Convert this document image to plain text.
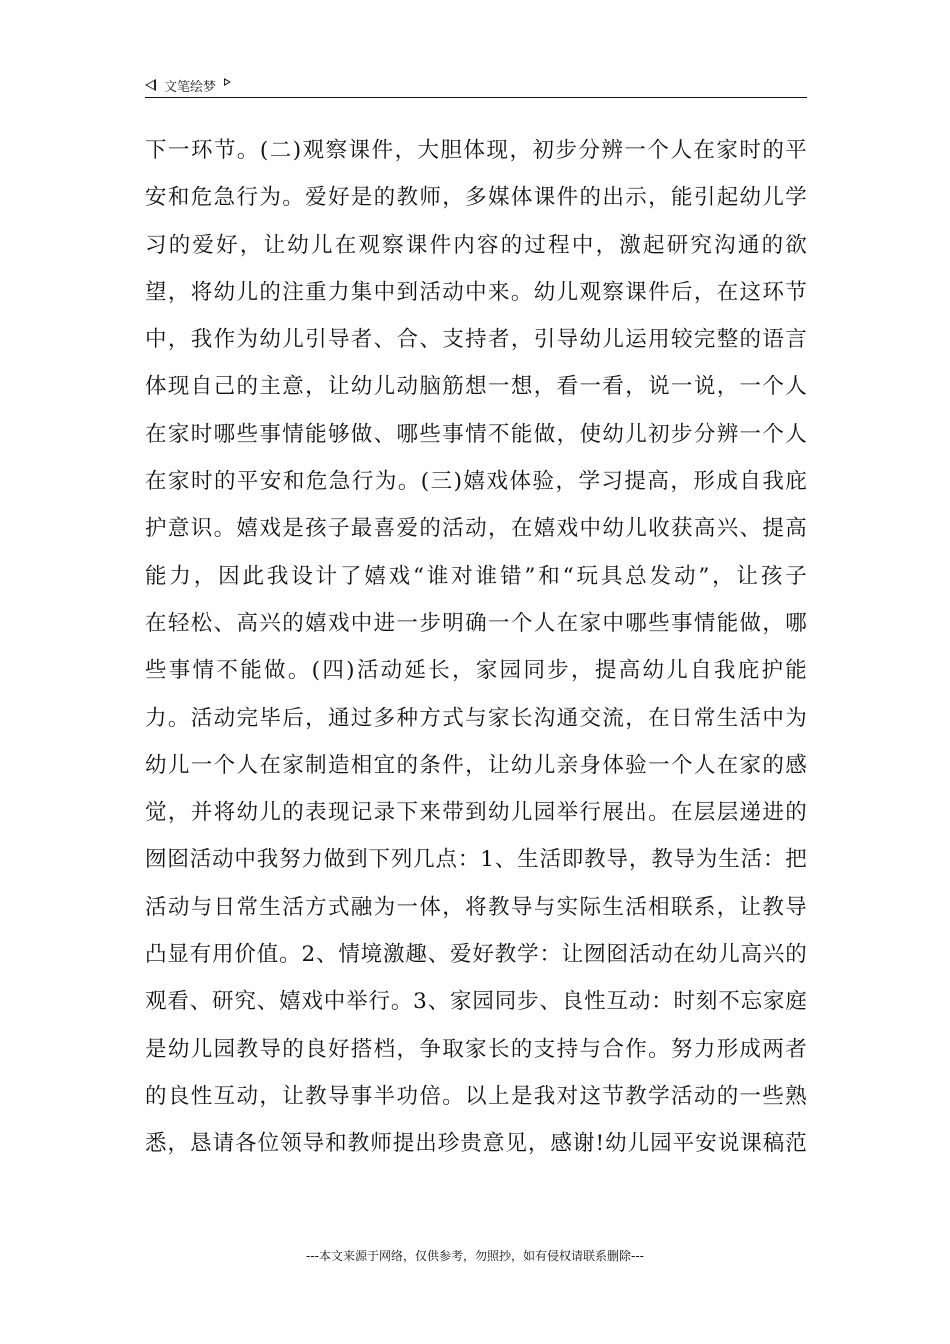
文笔绘梦
下一环节。(二)观察课件，大胆体现，初步分辨一个人在家时的平
安和危急行为。爱好是的教师，多媒体课件的出示，能引起幼儿学
习的爱好，让幼儿在观察课件内容的过程中，激起研究沟通的欲
望，将幼儿的注重力集中到活动中来。幼儿观察课件后，在这环节
中，我作为幼儿引导者、合、支持者，引导幼儿运用较完整的语言
体现自己的主意，让幼儿动脑筋想一想，看一看，说一说，一个人
在家时哪些事情能够做、哪些事情不能做，使幼儿初步分辨一个人
在家时的平安和危急行为。(三)嬉戏体验，学习提高，形成自我庇
护意识。嬉戏是孩子最喜爱的活动，在嬉戏中幼儿收获高兴、提高
能力，因此我设计了嬉戏“谁对谁错”和“玩具总发动”，让孩子
在轻松、高兴的嬉戏中进一步明确一个人在家中哪些事情能做，哪
些事情不能做。(四)活动延长，家园同步，提高幼儿自我庇护能
力。活动完毕后，通过多种方式与家长沟通交流，在日常生活中为
幼儿一个人在家制造相宜的条件，让幼儿亲身体验一个人在家的感
觉，并将幼儿的表现记录下来带到幼儿园举行展出。在层层递进的
囫囵活动中我努力做到下列几点：1、生活即教导，教导为生活：把
活动与日常生活方式融为一体，将教导与实际生活相联系，让教导
凸显有用价值。2、情境激趣、爱好教学：让囫囵活动在幼儿高兴的
观看、研究、嬉戏中举行。3、家园同步、良性互动：时刻不忘家庭
是幼儿园教导的良好搭档，争取家长的支持与合作。努力形成两者
的良性互动，让教导事半功倍。以上是我对这节教学活动的一些熟
悉，恳请各位领导和教师提出珍贵意见，感谢!幼儿园平安说课稿范
---本文来源于网络，仅供参考，勿照抄，如有侵权请联系删除---
